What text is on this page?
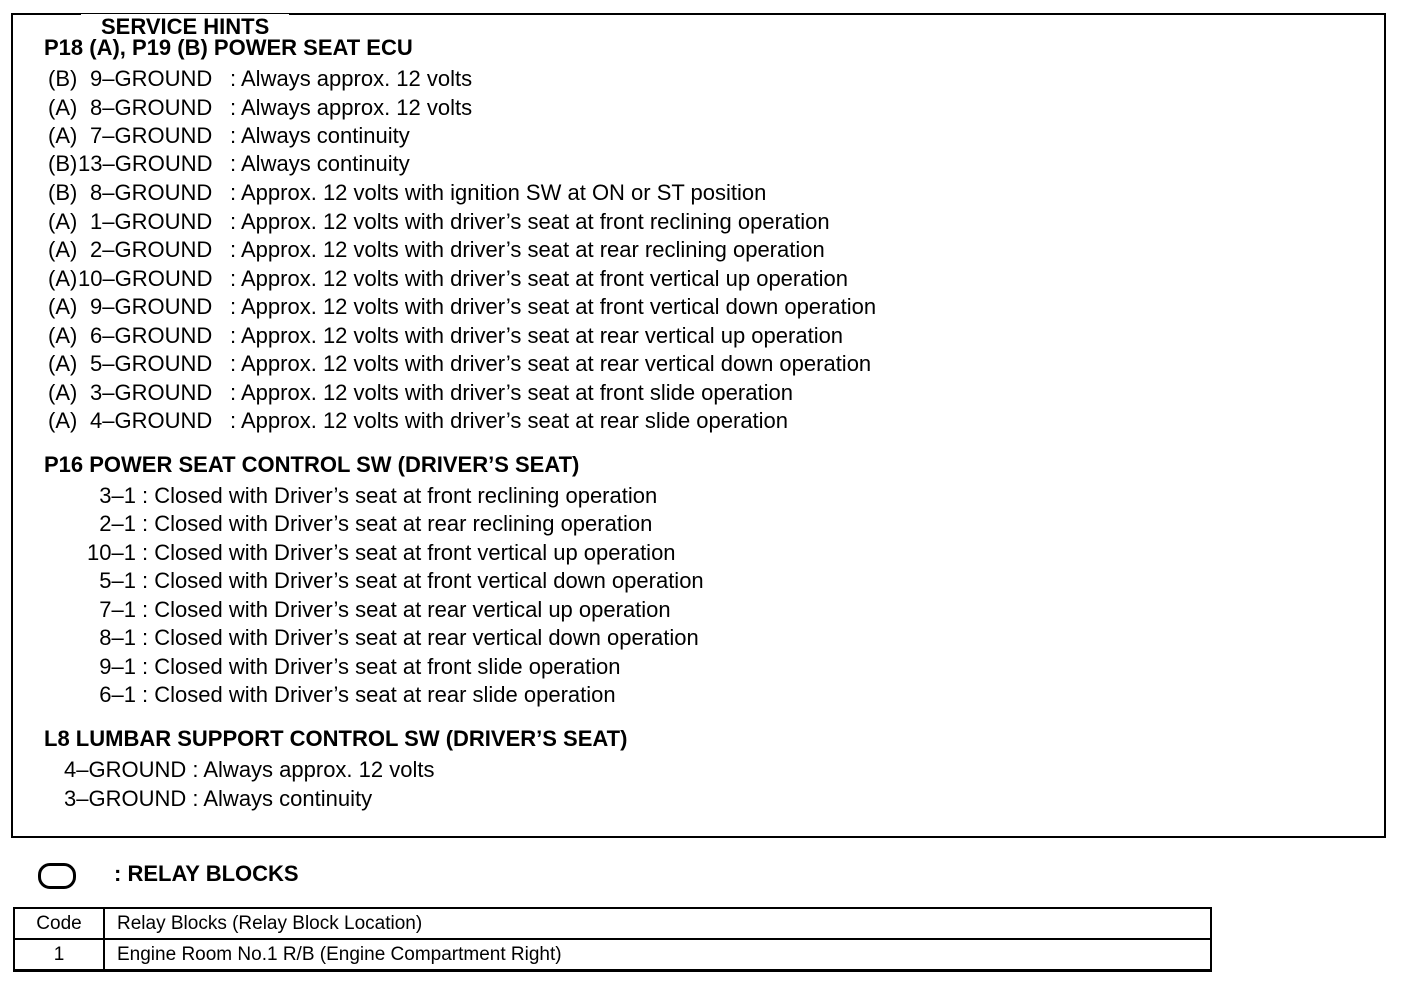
SERVICE HINTS
P18 (A), P19 (B) POWER SEAT ECU
(B) 9–GROUND : Always approx. 12 volts
(A) 8–GROUND : Always approx. 12 volts
(A) 7–GROUND : Always continuity
(B) 13–GROUND : Always continuity
(B) 8–GROUND : Approx. 12 volts with ignition SW at ON or ST position
(A) 1–GROUND : Approx. 12 volts with driver’s seat at front reclining operation
(A) 2–GROUND : Approx. 12 volts with driver’s seat at rear reclining operation
(A) 10–GROUND : Approx. 12 volts with driver’s seat at front vertical up operation
(A) 9–GROUND : Approx. 12 volts with driver’s seat at front vertical down operation
(A) 6–GROUND : Approx. 12 volts with driver’s seat at rear vertical up operation
(A) 5–GROUND : Approx. 12 volts with driver’s seat at rear vertical down operation
(A) 3–GROUND : Approx. 12 volts with driver’s seat at front slide operation
(A) 4–GROUND : Approx. 12 volts with driver’s seat at rear slide operation
P16 POWER SEAT CONTROL SW (DRIVER’S SEAT)
3–1 : Closed with Driver’s seat at front reclining operation
2–1 : Closed with Driver’s seat at rear reclining operation
10–1 : Closed with Driver’s seat at front vertical up operation
5–1 : Closed with Driver’s seat at front vertical down operation
7–1 : Closed with Driver’s seat at rear vertical up operation
8–1 : Closed with Driver’s seat at rear vertical down operation
9–1 : Closed with Driver’s seat at front slide operation
6–1 : Closed with Driver’s seat at rear slide operation
L8 LUMBAR SUPPORT CONTROL SW (DRIVER’S SEAT)
4–GROUND : Always approx. 12 volts
3–GROUND : Always continuity
: RELAY BLOCKS
Code	Relay Blocks (Relay Block Location)
1	Engine Room No.1 R/B (Engine Compartment Right)
